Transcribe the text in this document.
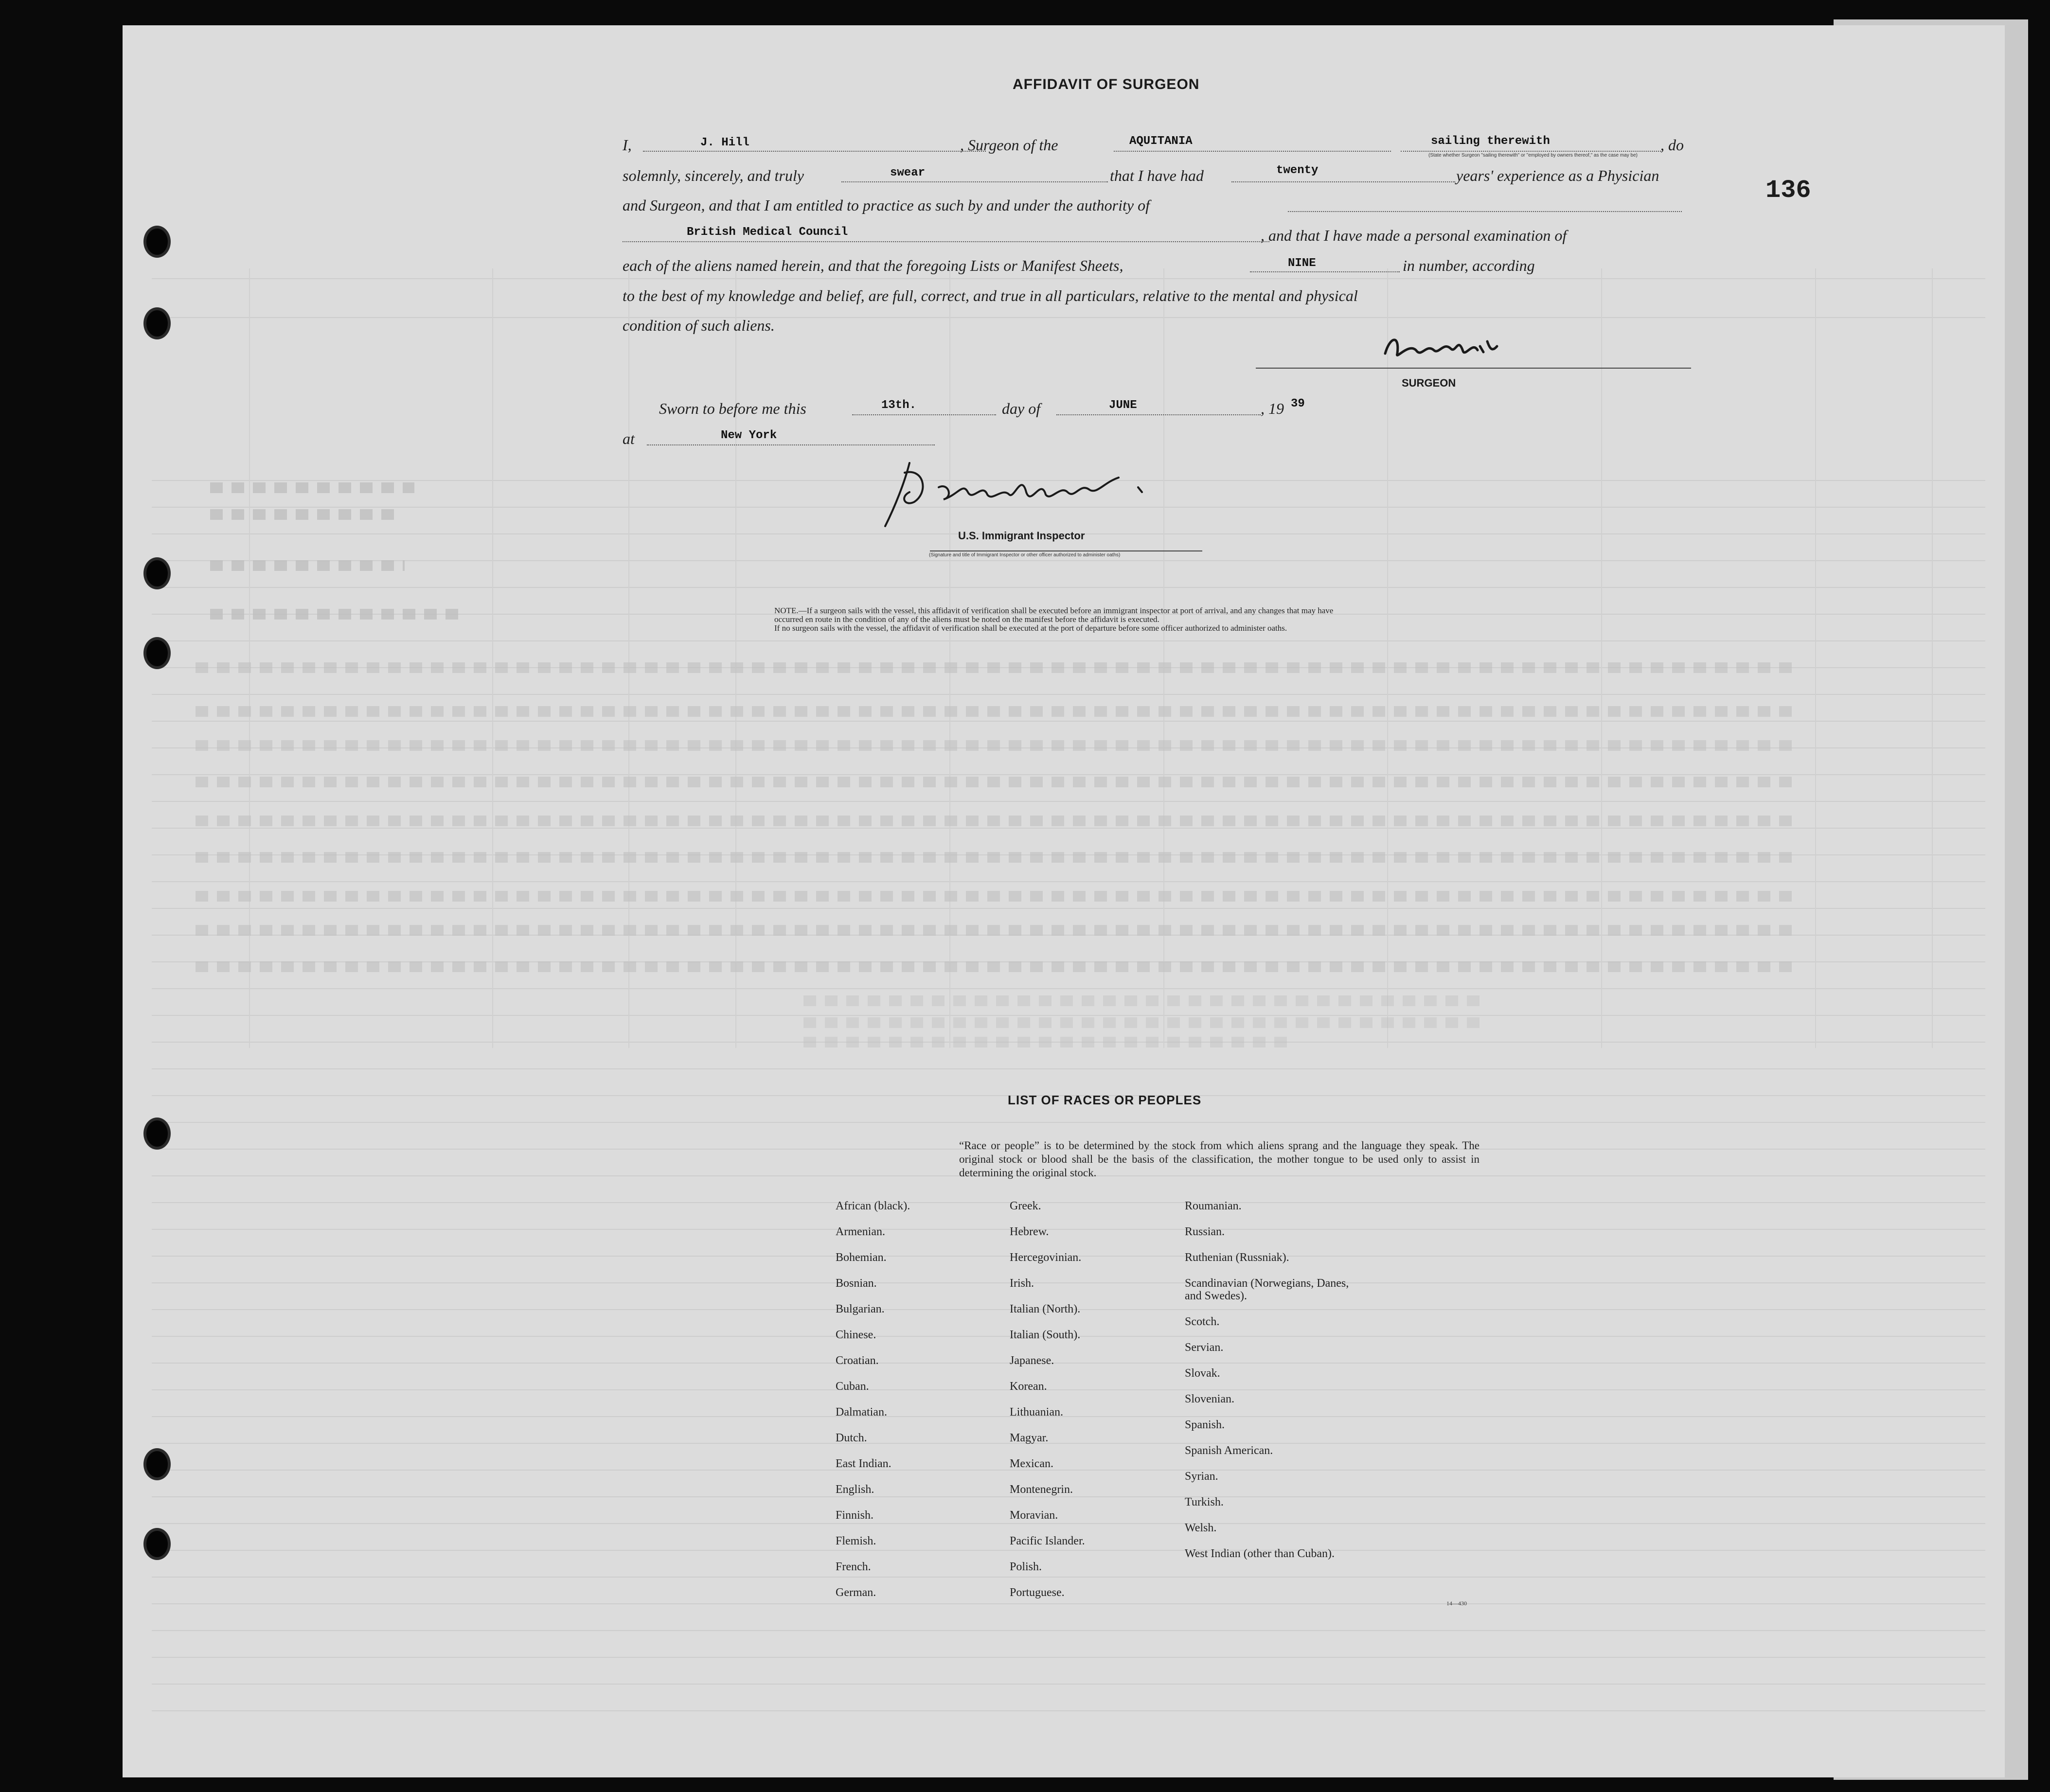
136
AFFIDAVIT OF SURGEON
I,	J. Hill	, Surgeon of the	AQUITANIA	sailing therewith
(State whether Surgeon "sailing therewith" or "employed by owners thereof," as the case may be)
, do
solemnly, sincerely, and truly	swear	that I have had	twenty	years' experience as a Physician
and Surgeon, and that I am entitled to practice as such by and under the authority of
British Medical Council	, and that I have made a personal examination of
each of the aliens named herein, and that the foregoing Lists or Manifest Sheets,	NINE	in number, according
to the best of my knowledge and belief, are full, correct, and true in all particulars, relative to the mental and physical
condition of such aliens.
SURGEON
Sworn to before me this	13th.	day of	JUNE	, 19 39
at	New York
U.S. Immigrant Inspector
(Signature and title of Immigrant Inspector or other officer authorized to administer oaths)
NOTE.—If a surgeon sails with the vessel, this affidavit of verification shall be executed before an immigrant inspector at port of arrival, and any changes that may have
occurred en route in the condition of any of the aliens must be noted on the manifest before the affidavit is executed.
If no surgeon sails with the vessel, the affidavit of verification shall be executed at the port of departure before some officer authorized to administer oaths.
LIST OF RACES OR PEOPLES
“Race or people” is to be determined by the stock from which aliens sprang and the language they speak. The original stock or blood shall be the basis of the classification, the mother tongue to be used only to assist in determining the original stock.
African (black).
Armenian.
Bohemian.
Bosnian.
Bulgarian.
Chinese.
Croatian.
Cuban.
Dalmatian.
Dutch.
East Indian.
English.
Finnish.
Flemish.
French.
German.
Greek.
Hebrew.
Hercegovinian.
Irish.
Italian (North).
Italian (South).
Japanese.
Korean.
Lithuanian.
Magyar.
Mexican.
Montenegrin.
Moravian.
Pacific Islander.
Polish.
Portuguese.
Roumanian.
Russian.
Ruthenian (Russniak).
Scandinavian (Norwegians, Danes, and Swedes).
Scotch.
Servian.
Slovak.
Slovenian.
Spanish.
Spanish American.
Syrian.
Turkish.
Welsh.
West Indian (other than Cuban).
14—430
